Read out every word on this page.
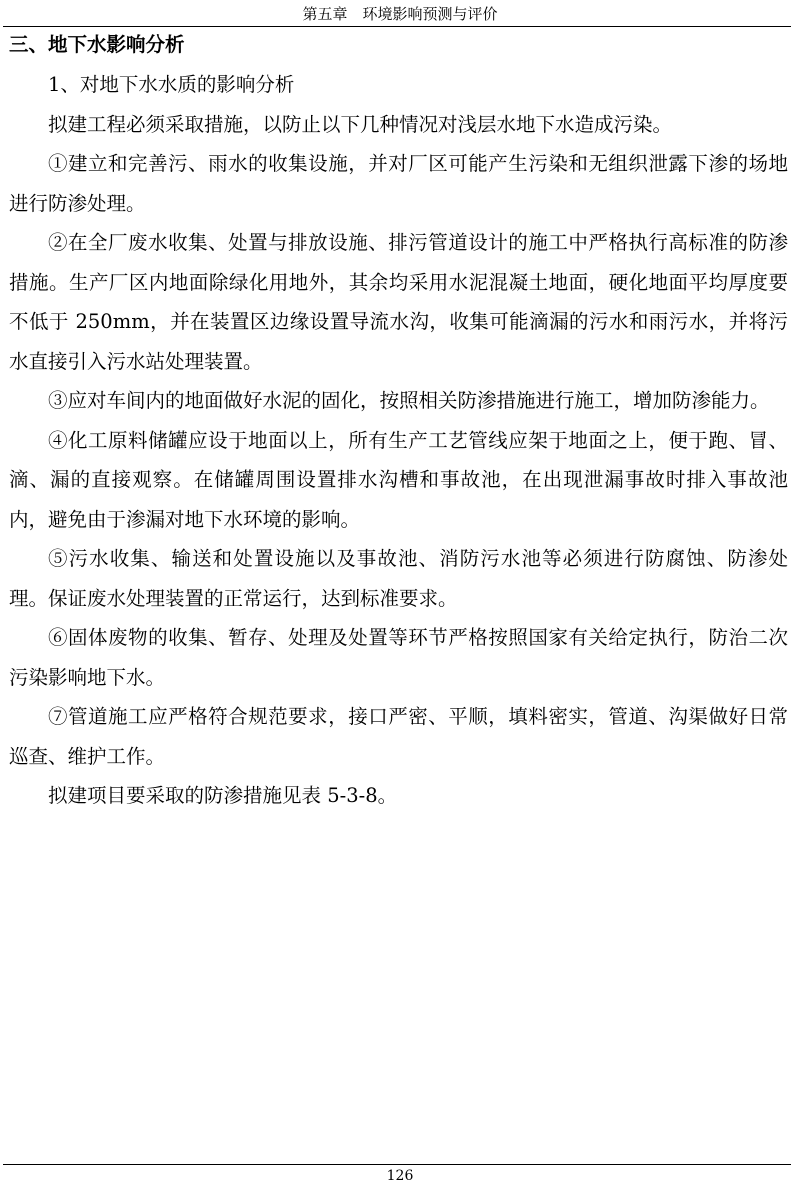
第五章　环境影响预测与评价
三、地下水影响分析

1、对地下水水质的影响分析

拟建工程必须采取措施，以防止以下几种情况对浅层水地下水造成污染。

①建立和完善污、雨水的收集设施，并对厂区可能产生污染和无组织泄露下渗的场地进行防渗处理。

②在全厂废水收集、处置与排放设施、排污管道设计的施工中严格执行高标准的防渗措施。生产厂区内地面除绿化用地外，其余均采用水泥混凝土地面，硬化地面平均厚度要不低于 250mm，并在装置区边缘设置导流水沟，收集可能滴漏的污水和雨污水，并将污水直接引入污水站处理装置。

③应对车间内的地面做好水泥的固化，按照相关防渗措施进行施工，增加防渗能力。

④化工原料储罐应设于地面以上，所有生产工艺管线应架于地面之上，便于跑、冒、滴、漏的直接观察。在储罐周围设置排水沟槽和事故池，在出现泄漏事故时排入事故池内，避免由于渗漏对地下水环境的影响。

⑤污水收集、输送和处置设施以及事故池、消防污水池等必须进行防腐蚀、防渗处理。保证废水处理装置的正常运行，达到标准要求。

⑥固体废物的收集、暂存、处理及处置等环节严格按照国家有关给定执行，防治二次污染影响地下水。

⑦管道施工应严格符合规范要求，接口严密、平顺，填料密实，管道、沟渠做好日常巡查、维护工作。

拟建项目要采取的防渗措施见表 5-3-8。

126
